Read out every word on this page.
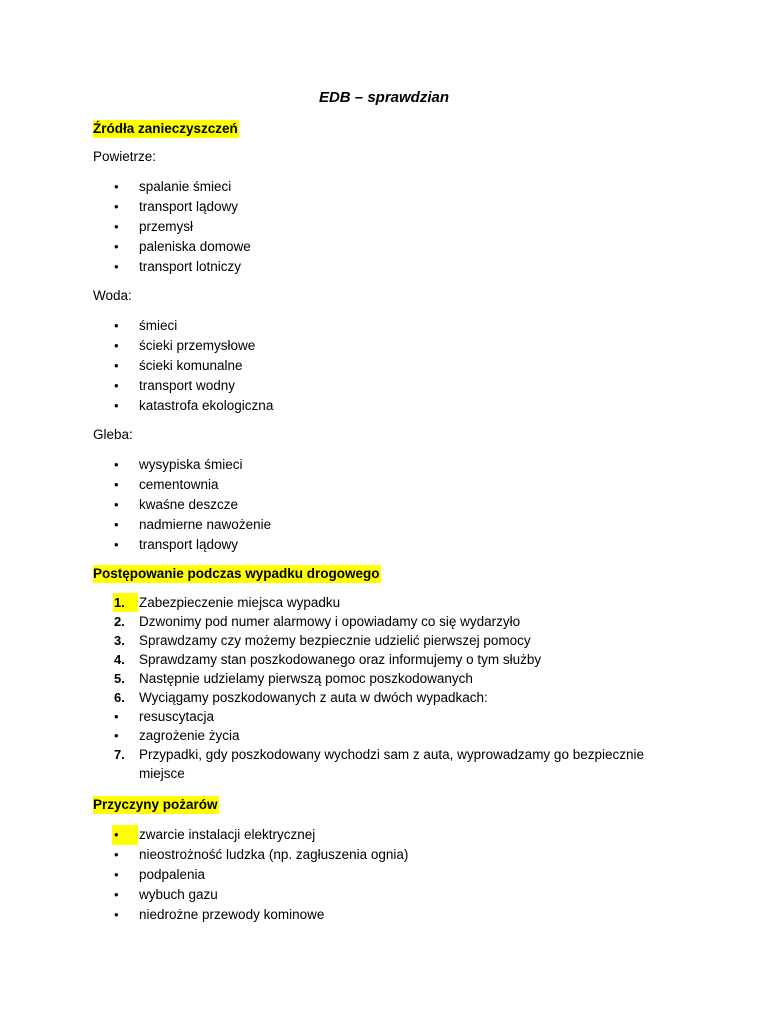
EDB – sprawdzian
Źródła zanieczyszczeń
Powietrze:
•	spalanie śmieci
•	transport lądowy
•	przemysł
•	paleniska domowe
•	transport lotniczy
Woda:
•	śmieci
•	ścieki przemysłowe
•	ścieki komunalne
•	transport wodny
•	katastrofa ekologiczna
Gleba:
•	wysypiska śmieci
•	cementownia
•	kwaśne deszcze
•	nadmierne nawożenie
•	transport lądowy
Postępowanie podczas wypadku drogowego
1.	Zabezpieczenie miejsca wypadku
2. Dzwonimy pod numer alarmowy i opowiadamy co się wydarzyło
3. Sprawdzamy czy możemy bezpiecznie udzielić pierwszej pomocy
4. Sprawdzamy stan poszkodowanego oraz informujemy o tym służby
5. Następnie udzielamy pierwszą pomoc poszkodowanych
6. Wyciągamy poszkodowanych z auta w dwóch wypadkach:
• resuscytacja
• zagrożenie życia
7. Przypadki, gdy poszkodowany wychodzi sam z auta, wyprowadzamy go bezpiecznie miejsce
Przyczyny pożarów
•	zwarcie instalacji elektrycznej
•	nieostrożność ludzka (np. zagłuszenia ognia)
•	podpalenia
•	wybuch gazu
•	niedrożne przewody kominowe
